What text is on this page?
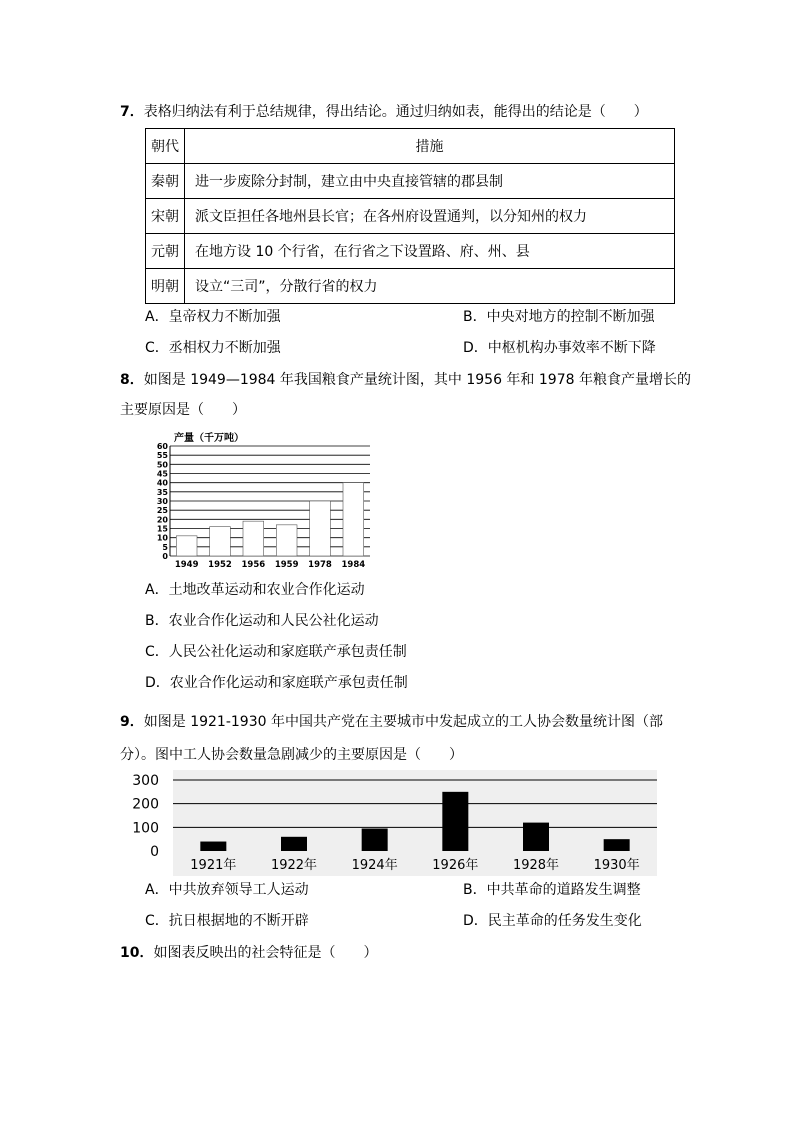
7．表格归纳法有利于总结规律，得出结论。通过归纳如表，能得出的结论是（　　）
朝代	措施
秦朝	进一步废除分封制，建立由中央直接管辖的郡县制
宋朝	派文臣担任各地州县长官；在各州府设置通判，以分知州的权力
元朝	在地方设 10 个行省，在行省之下设置路、府、州、县
明朝	设立“三司”，分散行省的权力
A．皇帝权力不断加强	B．中央对地方的控制不断加强
C．丞相权力不断加强	D．中枢机构办事效率不断下降
8．如图是 1949—1984 年我国粮食产量统计图，其中 1956 年和 1978 年粮食产量增长的
主要原因是（　　）
0
5
10
15
20
25
30
35
40
45
50
55
60
1949 1952 1956 1959 1978 1984
产量（千万吨）
A．土地改革运动和农业合作化运动
B．农业合作化运动和人民公社化运动
C．人民公社化运动和家庭联产承包责任制
D．农业合作化运动和家庭联产承包责任制
9．如图是 1921-1930 年中国共产党在主要城市中发起成立的工人协会数量统计图（部
分）。图中工人协会数量急剧减少的主要原因是（　　）
0
100
200
300
1921年	1922年	1924年	1926年	1928年	1930年
A．中共放弃领导工人运动	B．中共革命的道路发生调整
C．抗日根据地的不断开辟	D．民主革命的任务发生变化
10．如图表反映出的社会特征是（　　）
